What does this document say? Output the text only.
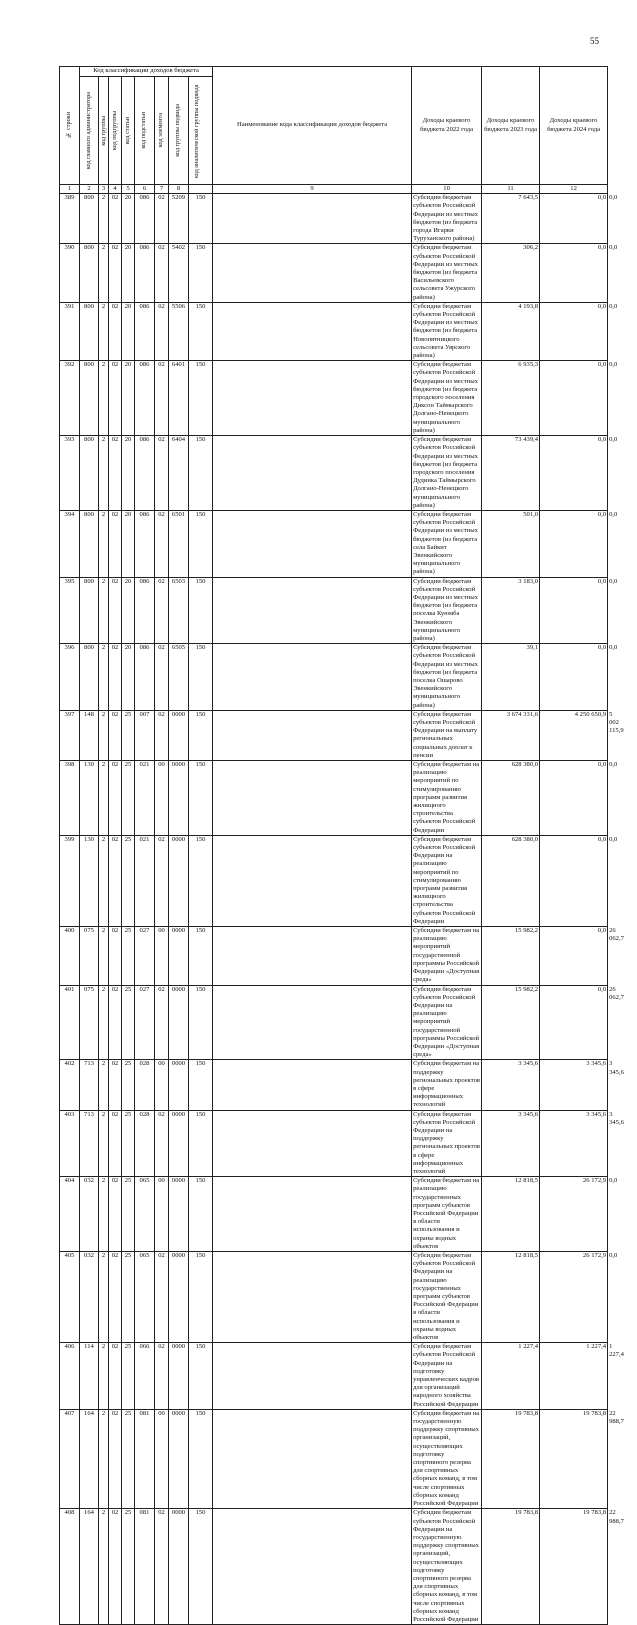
55
№ строки	Код классификации доходов бюджета								Наименование кода классификации доходов бюджета	Доходы краевого бюджета 2022 года	Доходы краевого бюджета 2023 года	Доходы краевого бюджета 2024 года	

	код главного администратора	код группы	код подгруппы	код статьи	код подстатьи	код элемента	код группы подвида	код аналитической группы подвида					

1	2	3	4	5	6	7	8		9	10	11	12	
389	800	2	02	20	086	02	5209	150		Субсидии бюджетам субъектов Российской Федерации из местных бюджетов (из бюджета города Игарки Туруханского района)	7 643,5	0,0	0,0
390	800	2	02	20	086	02	5402	150		Субсидии бюджетам субъектов Российской Федерации из местных бюджетов (из бюджета Васильевского сельсовета Ужурского района)	306,2	0,0	0,0
391	800	2	02	20	086	02	5506	150		Субсидии бюджетам субъектов Российской Федерации из местных бюджетов (из бюджета Новопятницкого сельсовета Уярского района)	4 193,8	0,0	0,0
392	800	2	02	20	086	02	6401	150		Субсидии бюджетам субъектов Российской Федерации из местных бюджетов (из бюджета городского поселения Диксон Таймырского Долгано-Ненецкого муниципального района)	6 935,3	0,0	0,0
393	800	2	02	20	086	02	6404	150		Субсидии бюджетам субъектов Российской Федерации из местных бюджетов (из бюджета городского поселения Дудинка Таймырского Долгано-Ненецкого муниципального района)	73 439,4	0,0	0,0
394	800	2	02	20	086	02	6501	150		Субсидии бюджетам субъектов Российской Федерации из местных бюджетов (из бюджета села Байкит Эвенкийского муниципального района)	501,0	0,0	0,0
395	800	2	02	20	086	02	6503	150		Субсидии бюджетам субъектов Российской Федерации из местных бюджетов (из бюджета поселка Куюмба Эвенкийского муниципального района)	3 183,0	0,0	0,0
396	800	2	02	20	086	02	6505	150		Субсидии бюджетам субъектов Российской Федерации из местных бюджетов (из бюджета поселка Ошарово Эвенкийского муниципального района)	39,1	0,0	0,0
397	148	2	02	25	007	02	0000	150		Субсидии бюджетам субъектов Российской Федерации на выплату региональных социальных доплат к пенсии	3 674 331,6	4 250 650,9	5 002 115,9
398	130	2	02	25	021	00	0000	150		Субсидии бюджетам на реализацию мероприятий по стимулированию программ развития жилищного строительства субъектов Российской Федерации	628 380,0	0,0	0,0
399	130	2	02	25	021	02	0000	150		Субсидии бюджетам субъектов Российской Федерации на реализацию мероприятий по стимулированию программ развития жилищного строительства субъектов Российской Федерации	628 380,0	0,0	0,0
400	075	2	02	25	027	00	0000	150		Субсидии бюджетам на реализацию мероприятий государственной программы Российской Федерации «Доступная среда»	15 982,2	0,0	26 062,7
401	075	2	02	25	027	02	0000	150		Субсидии бюджетам субъектов Российской Федерации на реализацию мероприятий государственной программы Российской Федерации «Доступная среда»	15 982,2	0,0	26 062,7
402	713	2	02	25	028	00	0000	150		Субсидии бюджетам на поддержку региональных проектов в сфере информационных технологий	3 345,6	3 345,6	3 345,6
403	713	2	02	25	028	02	0000	150		Субсидии бюджетам субъектов Российской Федерации на поддержку региональных проектов в сфере информационных технологий	3 345,6	3 345,6	3 345,6
404	032	2	02	25	065	00	0000	150		Субсидии бюджетам на реализацию государственных программ субъектов Российской Федерации в области использования и охраны водных объектов	12 818,5	26 172,9	0,0
405	032	2	02	25	065	02	0000	150		Субсидии бюджетам субъектов Российской Федерации на реализацию государственных программ субъектов Российской Федерации в области использования и охраны водных объектов	12 818,5	26 172,9	0,0
406	114	2	02	25	066	02	0000	150		Субсидии бюджетам субъектов Российской Федерации на подготовку управленческих кадров для организаций народного хозяйства Российской Федерации	1 227,4	1 227,4	1 227,4
407	164	2	02	25	081	00	0000	150		Субсидии бюджетам на государственную поддержку спортивных организаций, осуществляющих подготовку спортивного резерва для спортивных сборных команд, в том числе спортивных сборных команд Российской Федерации	19 783,8	19 783,8	22 988,7
408	164	2	02	25	081	02	0000	150		Субсидии бюджетам субъектов Российской Федерации на государственную поддержку спортивных организаций, осуществляющих подготовку спортивного резерва для спортивных сборных команд, в том числе спортивных сборных команд Российской Федерации	19 783,8	19 783,8	22 988,7
